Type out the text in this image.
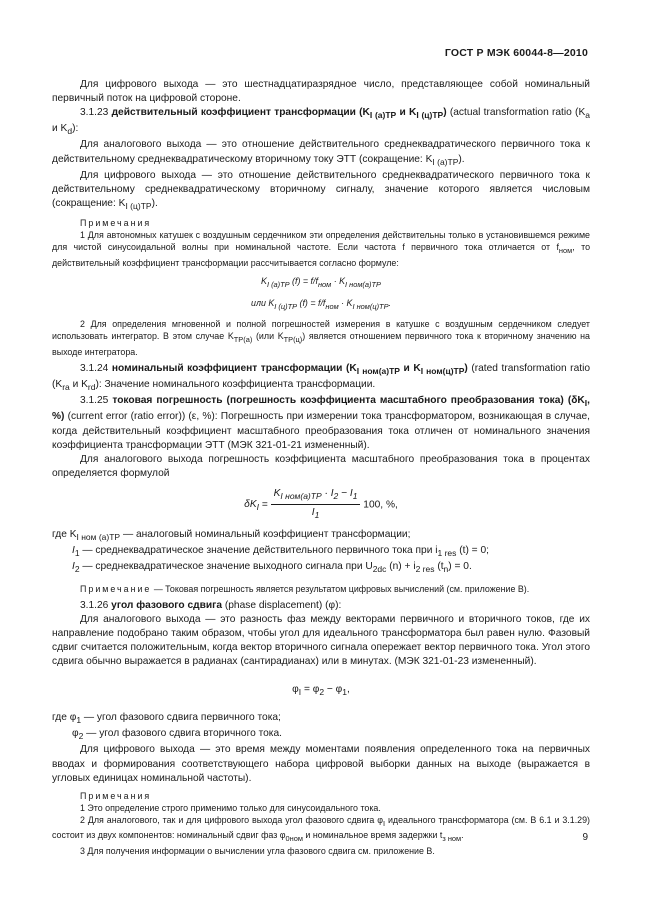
ГОСТ Р МЭК 60044-8—2010

Для цифрового выхода — это шестнадцатиразрядное число, представляющее собой номинальный первичный поток на цифровой стороне.

3.1.23 действительный коэффициент трансформации ($K_{I (a)TP}$ и $K_{I (ц)TP}$) (actual transformation ratio ($K_a$ и $K_d$):

Для аналогового выхода — это отношение действительного среднеквадратического первичного тока к действительному среднеквадратическому вторичному току ЭТТ (сокращение: $K_{I (a)TP}$).

Для цифрового выхода — это отношение действительного среднеквадратического первичного тока к действительному среднеквадратическому вторичному сигналу, значение которого является числовым (сокращение: $K_{I (ц)TP}$).

Примечания

1 Для автономных катушек с воздушным сердечником эти определения действительны только в установившемся режиме для чистой синусоидальной волны при номинальной частоте. Если частота f первичного тока отличается от $f_{ном}$, то действительный коэффициент трансформации рассчитывается согласно формуле:

$K_{I (a)TP}$ $(f) = f/f_{ном} \cdot K_{I ном(a)TP}$

или $K_{I (ц)TP}$ $(f) = f/f_{ном} \cdot K_{I ном(ц)TP}$.

2 Для определения мгновенной и полной погрешностей измерения в катушке с воздушным сердечником следует использовать интегратор. В этом случае $K_{TP(a)}$ (или $K_{TP(ц)}$) является отношением первичного тока к вторичному значению на выходе интегратора.

3.1.24 номинальный коэффициент трансформации ($K_{I ном(a)TP}$ и $K_{I ном(ц)TP}$) (rated transformation ratio ($K_{ra}$ и $K_{rd}$): Значение номинального коэффициента трансформации.

3.1.25 токовая погрешность (погрешность коэффициента масштабного преобразования тока) ($\delta K_I$, %) (current error (ratio error)) (ε, %): Погрешность при измерении тока трансформатором, возникающая в случае, когда действительный коэффициент масштабного преобразования тока отличен от номинального значения коэффициента трансформации ЭТТ (МЭК 321-01-21 измененный).

Для аналогового выхода погрешность коэффициента масштабного преобразования тока в процентах определяется формулой

$\delta K_I = \frac{K_{I ном(a)TP} \cdot I_2 - I_1}{I_1} 100$, %,

где $K_{I ном (a)TP}$ — аналоговый номинальный коэффициент трансформации;

$I_1$ — среднеквадратическое значение действительного первичного тока при $i_{1 res}$ (t) = 0;

$I_2$ — среднеквадратическое значение выходного сигнала при $U_{2dc}$ $(n) + i_{2 res}$ $(t_n) = 0$.

Примечание — Токовая погрешность является результатом цифровых вычислений (см. приложение В).

3.1.26 угол фазового сдвига (phase displacement) (φ):

Для аналогового выхода — это разность фаз между векторами первичного и вторичного токов, где их направление подобрано таким образом, чтобы угол для идеального трансформатора был равен нулю. Фазовый сдвиг считается положительным, когда вектор вторичного сигнала опережает вектор первичного тока. Угол этого сдвига обычно выражается в радианах (сантирадианах) или в минутах. (МЭК 321-01-23 измененный).

$\varphi_I = \varphi_2 - \varphi_1$,

где $\varphi_1$ — угол фазового сдвига первичного тока;

$\varphi_2$ — угол фазового сдвига вторичного тока.

Для цифрового выхода — это время между моментами появления определенного тока на первичных вводах и формирования соответствующего набора цифровой выборки данных на выходе (выражается в угловых единицах номинальной частоты).

Примечания

1 Это определение строго применимо только для синусоидального тока.

2 Для аналогового, так и для цифрового выхода угол фазового сдвига $\varphi_I$ идеального трансформатора (см. В 6.1 и 3.1.29) состоит из двух компонентов: номинальный сдвиг фаз $\varphi_{0ном}$ и номинальное время задержки $t_{з ном}$.

3 Для получения информации о вычислении угла фазового сдвига см. приложение В.

9
